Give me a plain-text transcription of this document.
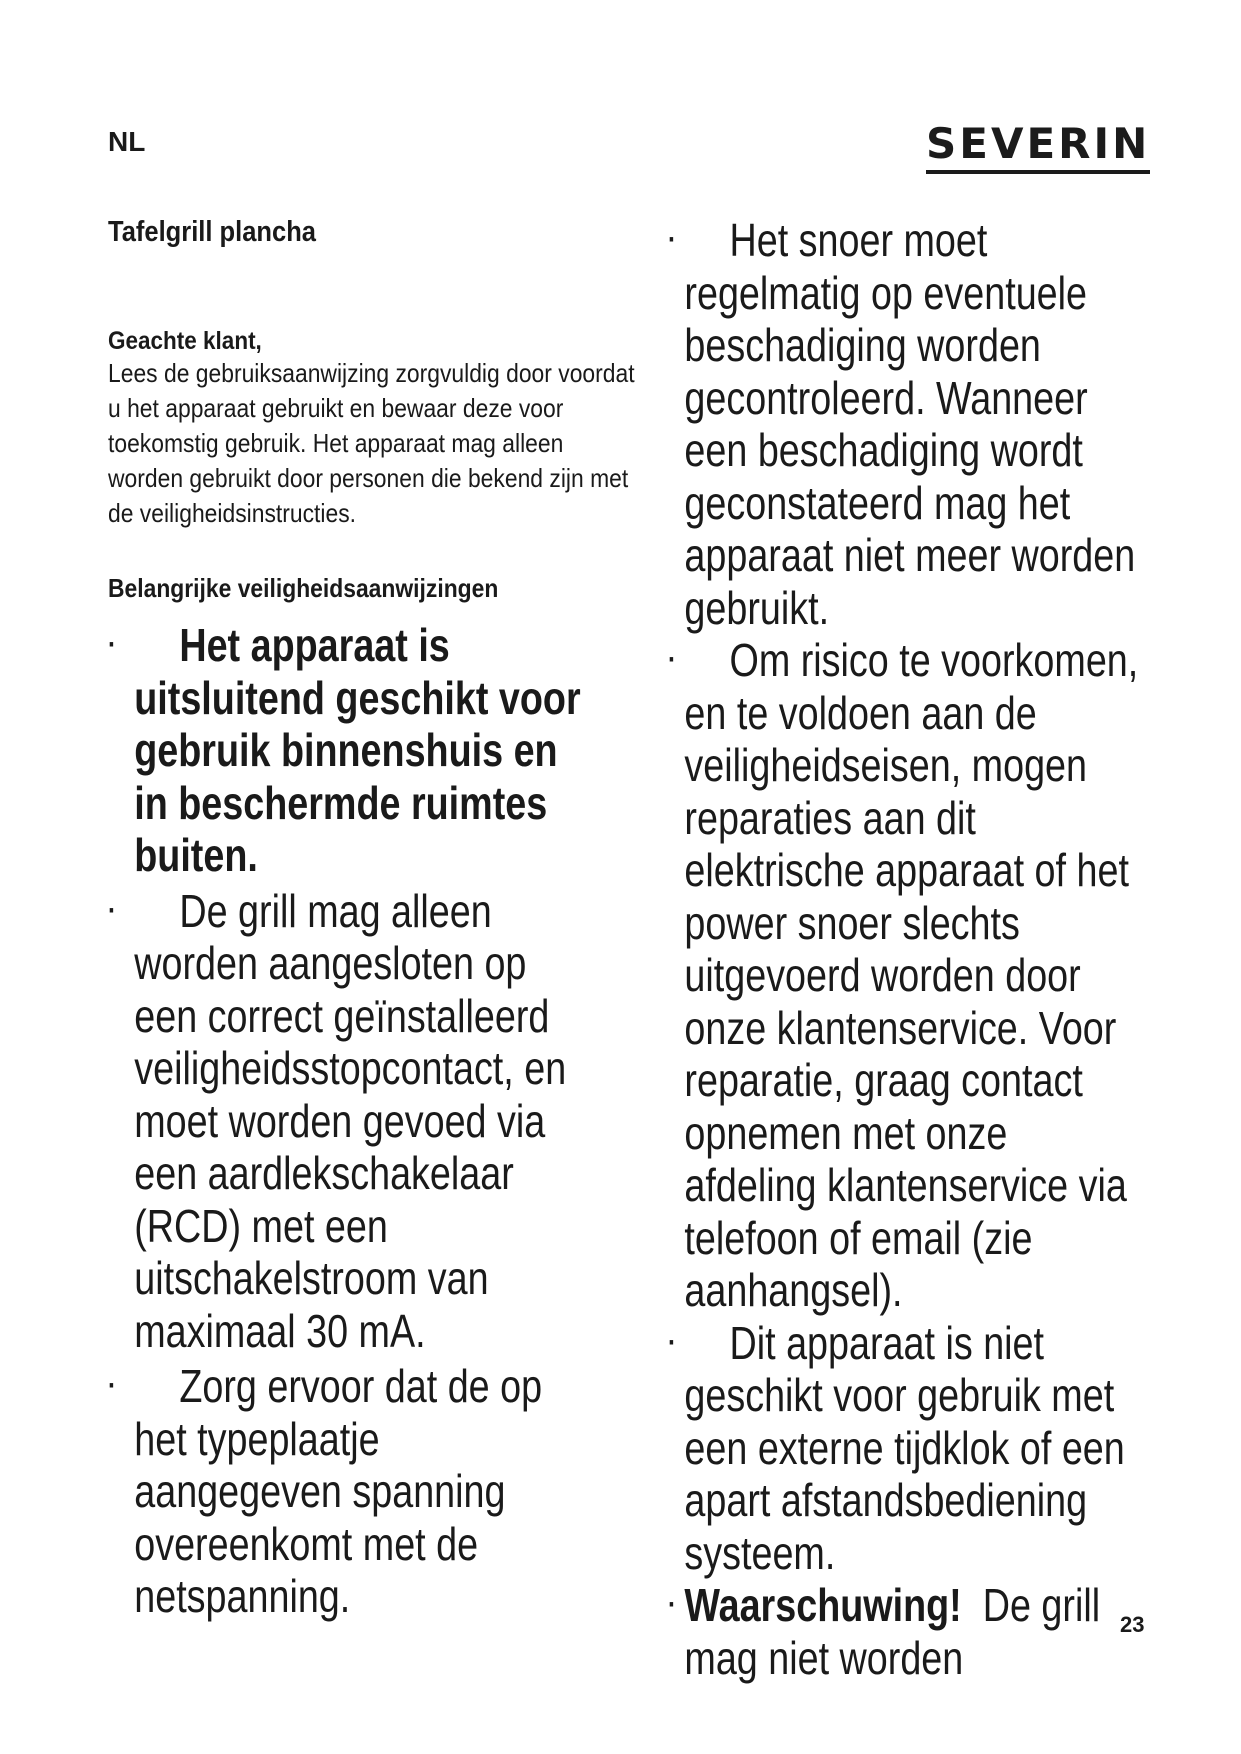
NL	SEVERIN
Tafelgrill plancha
Geachte klant,

Lees de gebruiksaanwijzing zorgvuldig door voordat u het apparaat gebruikt en bewaar deze voor toekomstig gebruik. Het apparaat mag alleen worden gebruikt door personen die bekend zijn met de veiligheidsinstructies.

Belangrijke veiligheidsaanwijzingen
· Het apparaat is uitsluitend geschikt voor gebruik binnenshuis en in beschermde ruimtes buiten.
· De grill mag alleen worden aangesloten op een correct geïnstalleerd veiligheidsstopcontact, en moet worden gevoed via een aardlekschakelaar (RCD) met een uitschakelstroom van maximaal 30 mA.
· Zorg ervoor dat de op het typeplaatje aangegeven spanning overeenkomt met de netspanning.
· Het snoer moet regelmatig op eventuele beschadiging worden gecontroleerd. Wanneer een beschadiging wordt geconstateerd mag het apparaat niet meer worden gebruikt.
· Om risico te voorkomen, en te voldoen aan de veiligheidseisen, mogen reparaties aan dit elektrische apparaat of het power snoer slechts uitgevoerd worden door onze klantenservice. Voor reparatie, graag contact opnemen met onze afdeling klantenservice via telefoon of email (zie aanhangsel).
· Dit apparaat is niet geschikt voor gebruik met een externe tijdklok of een apart afstandsbediening systeem.
· Waarschuwing! De grill mag niet worden
23
